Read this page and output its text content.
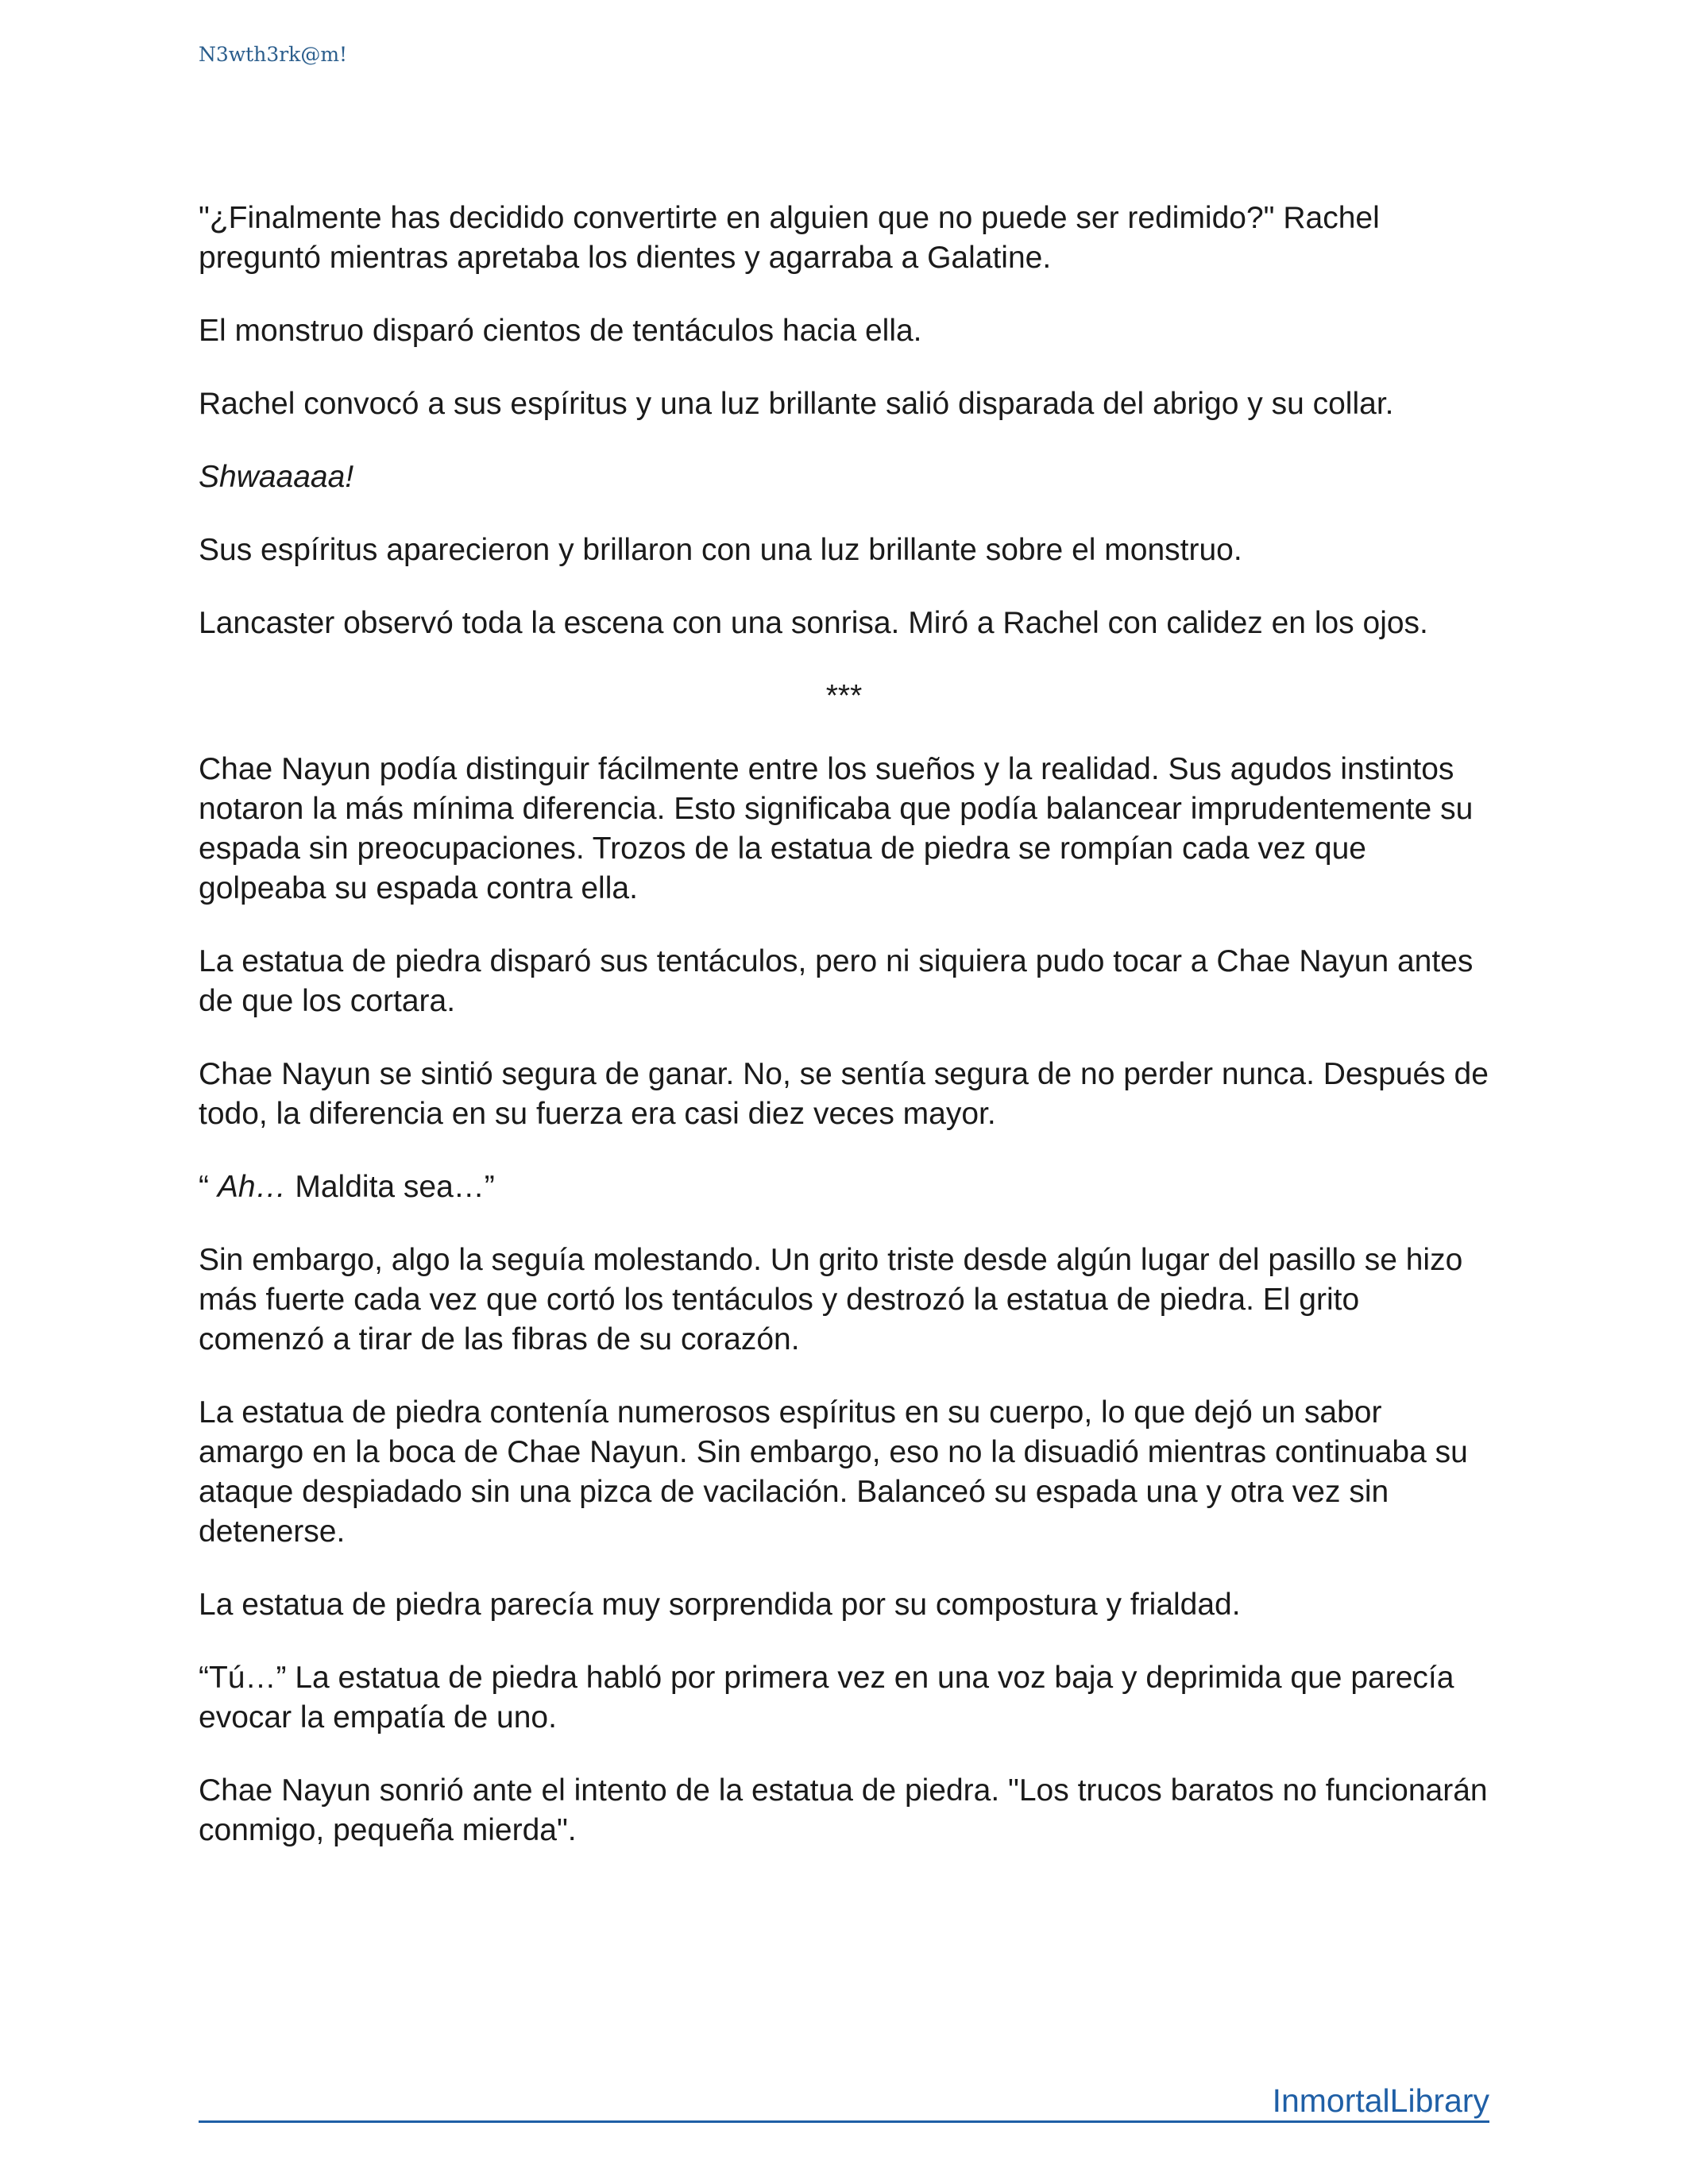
N3wth3rk@m!

"¿Finalmente has decidido convertirte en alguien que no puede ser redimido?" Rachel preguntó mientras apretaba los dientes y agarraba a Galatine.

El monstruo disparó cientos de tentáculos hacia ella.

Rachel convocó a sus espíritus y una luz brillante salió disparada del abrigo y su collar.

Shwaaaaa!

Sus espíritus aparecieron y brillaron con una luz brillante sobre el monstruo.

Lancaster observó toda la escena con una sonrisa. Miró a Rachel con calidez en los ojos.

***

Chae Nayun podía distinguir fácilmente entre los sueños y la realidad. Sus agudos instintos notaron la más mínima diferencia. Esto significaba que podía balancear imprudentemente su espada sin preocupaciones. Trozos de la estatua de piedra se rompían cada vez que golpeaba su espada contra ella.

La estatua de piedra disparó sus tentáculos, pero ni siquiera pudo tocar a Chae Nayun antes de que los cortara.

Chae Nayun se sintió segura de ganar. No, se sentía segura de no perder nunca. Después de todo, la diferencia en su fuerza era casi diez veces mayor.

“ Ah… Maldita sea…”

Sin embargo, algo la seguía molestando. Un grito triste desde algún lugar del pasillo se hizo más fuerte cada vez que cortó los tentáculos y destrozó la estatua de piedra. El grito comenzó a tirar de las fibras de su corazón.

La estatua de piedra contenía numerosos espíritus en su cuerpo, lo que dejó un sabor amargo en la boca de Chae Nayun. Sin embargo, eso no la disuadió mientras continuaba su ataque despiadado sin una pizca de vacilación. Balanceó su espada una y otra vez sin detenerse.

La estatua de piedra parecía muy sorprendida por su compostura y frialdad.

“Tú…” La estatua de piedra habló por primera vez en una voz baja y deprimida que parecía evocar la empatía de uno.

Chae Nayun sonrió ante el intento de la estatua de piedra. "Los trucos baratos no funcionarán conmigo, pequeña mierda".

InmortalLibrary
